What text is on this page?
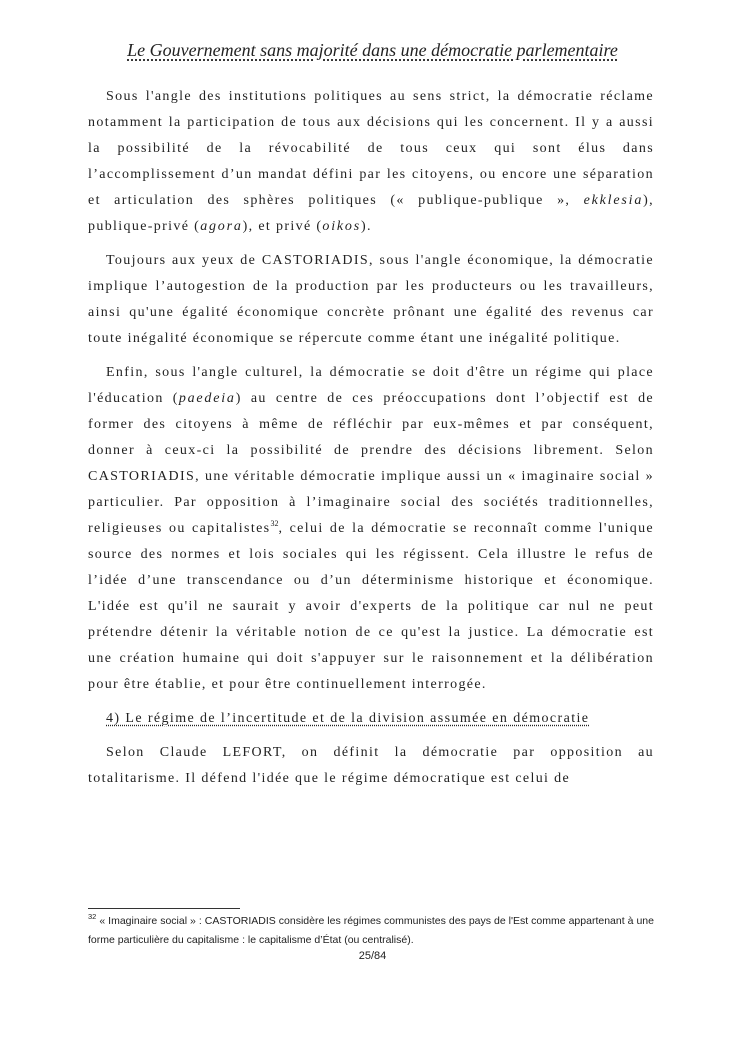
Le Gouvernement sans majorité dans une démocratie parlementaire

Sous l'angle des institutions politiques au sens strict, la démocratie réclame notamment la participation de tous aux décisions qui les concernent. Il y a aussi la possibilité de la révocabilité de tous ceux qui sont élus dans l’accomplissement d’un mandat défini par les citoyens, ou encore une séparation et articulation des sphères politiques (« publique-publique », ekklesia), publique-privé (agora), et privé (oikos).

Toujours aux yeux de CASTORIADIS, sous l'angle économique, la démocratie implique l’autogestion de la production par les producteurs ou les travailleurs, ainsi qu'une égalité économique concrète prônant une égalité des revenus car toute inégalité économique se répercute comme étant une inégalité politique.

Enfin, sous l'angle culturel, la démocratie se doit d'être un régime qui place l'éducation (paedeia) au centre de ces préoccupations dont l’objectif est de former des citoyens à même de réfléchir par eux-mêmes et par conséquent, donner à ceux-ci la possibilité de prendre des décisions librement. Selon CASTORIADIS, une véritable démocratie implique aussi un « imaginaire social » particulier. Par opposition à l’imaginaire social des sociétés traditionnelles, religieuses ou capitalistes$^{32}$, celui de la démocratie se reconnaît comme l'unique source des normes et lois sociales qui les régissent. Cela illustre le refus de l’idée d’une transcendance ou d’un déterminisme historique et économique. L'idée est qu'il ne saurait y avoir d'experts de la politique car nul ne peut prétendre détenir la véritable notion de ce qu'est la justice. La démocratie est une création humaine qui doit s'appuyer sur le raisonnement et la délibération pour être établie, et pour être continuellement interrogée.

4) Le régime de l’incertitude et de la division assumée en démocratie

Selon Claude LEFORT, on définit la démocratie par opposition au totalitarisme. Il défend l'idée que le régime démocratique est celui de

$^{32}$ « Imaginaire social » : CASTORIADIS considère les régimes communistes des pays de l'Est comme appartenant à une forme particulière du capitalisme : le capitalisme d’État (ou centralisé).
25/84
